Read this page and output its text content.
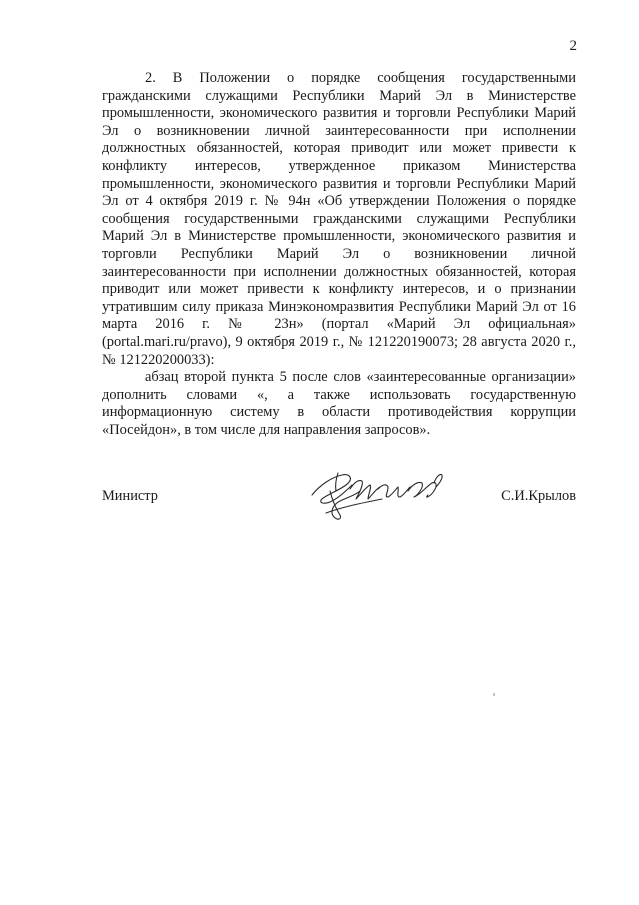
2

2. В Положении о порядке сообщения государственными гражданскими служащими Республики Марий Эл в Министерстве промышленности, экономического развития и торговли Республики Марий Эл о возникновении личной заинтересованности при исполнении должностных обязанностей, которая приводит или может привести к конфликту интересов, утвержденное приказом Министерства промышленности, экономического развития и торговли Республики Марий Эл от 4 октября 2019 г. № 94н «Об утверждении Положения о порядке сообщения государственными гражданскими служащими Республики Марий Эл в Министерстве промышленности, экономического развития и торговли Республики Марий Эл о возникновении личной заинтересованности при исполнении должностных обязанностей, которая приводит или может привести к конфликту интересов, и о признании утратившим силу приказа Минэкономразвития Республики Марий Эл от 16 марта 2016 г. № 23н» (портал «Марий Эл официальная» (portal.mari.ru/pravo), 9 октября 2019 г., № 121220190073; 28 августа 2020 г., № 121220200033):

абзац второй пункта 5 после слов «заинтересованные организации» дополнить словами «, а также использовать государственную информационную систему в области противодействия коррупции «Посейдон», в том числе для направления запросов».

Министр	С.И.Крылов
